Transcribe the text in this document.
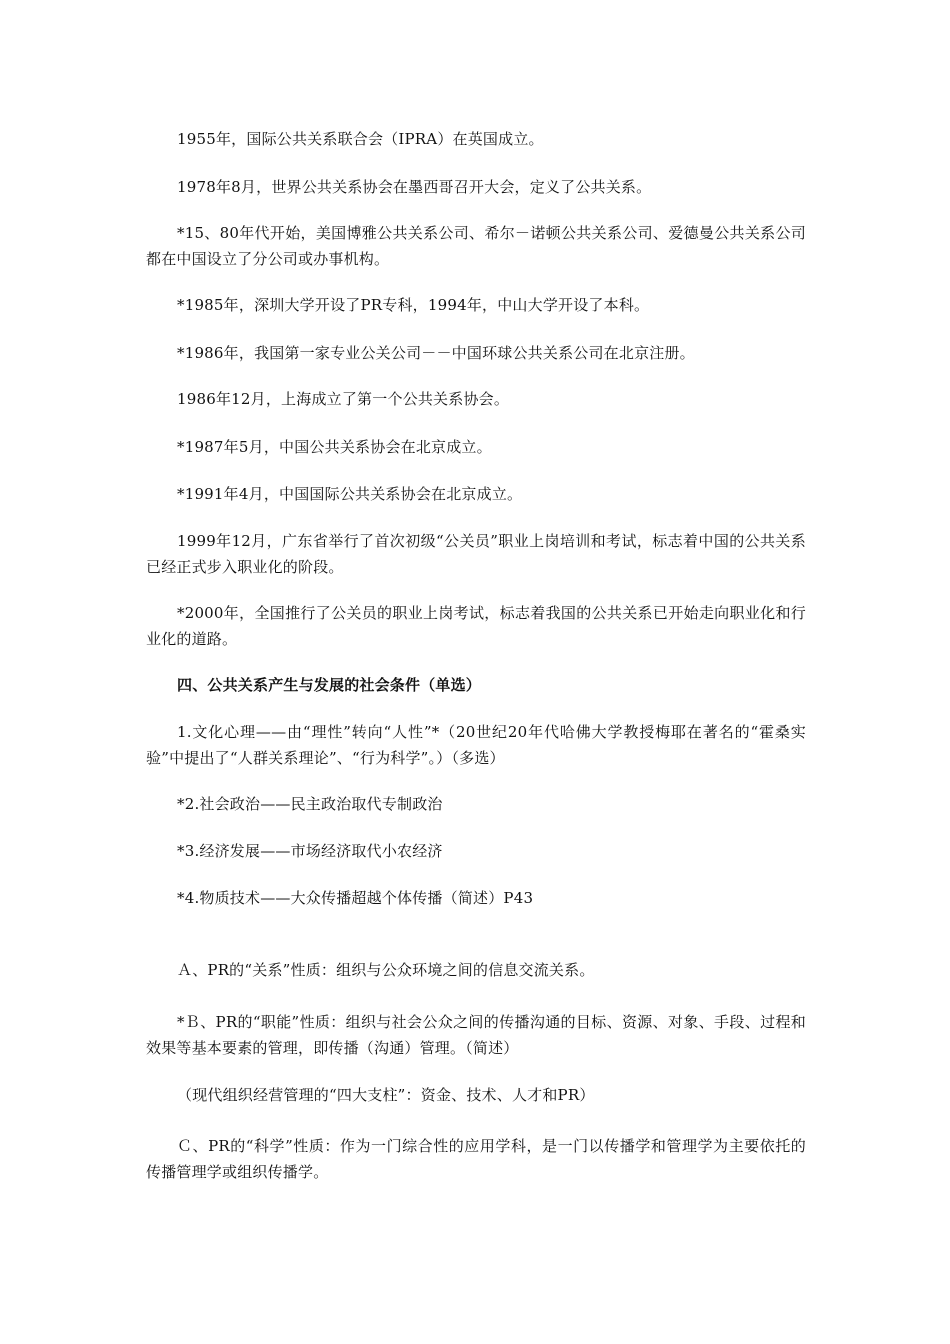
1955年，国际公共关系联合会（IPRA）在英国成立。

1978年8月，世界公共关系协会在墨西哥召开大会，定义了公共关系。

*15、80年代开始，美国博雅公共关系公司、希尔－诺顿公共关系公司、爱德曼公共关系公司都在中国设立了分公司或办事机构。

*1985年，深圳大学开设了PR专科，1994年，中山大学开设了本科。

*1986年，我国第一家专业公关公司－－中国环球公共关系公司在北京注册。

1986年12月，上海成立了第一个公共关系协会。

*1987年5月，中国公共关系协会在北京成立。

*1991年4月，中国国际公共关系协会在北京成立。

1999年12月，广东省举行了首次初级“公关员”职业上岗培训和考试，标志着中国的公共关系已经正式步入职业化的阶段。

*2000年，全国推行了公关员的职业上岗考试，标志着我国的公共关系已开始走向职业化和行业化的道路。

四、公共关系产生与发展的社会条件（单选）

1.文化心理——由“理性”转向“人性”*（20世纪20年代哈佛大学教授梅耶在著名的“霍桑实验”中提出了“人群关系理论”、“行为科学”。）（多选）

*2.社会政治——民主政治取代专制政治

*3.经济发展——市场经济取代小农经济

*4.物质技术——大众传播超越个体传播（简述）P43

Ａ、PR的“关系”性质：组织与公众环境之间的信息交流关系。

*Ｂ、PR的“职能”性质：组织与社会公众之间的传播沟通的目标、资源、对象、手段、过程和效果等基本要素的管理，即传播（沟通）管理。（简述）

（现代组织经营管理的“四大支柱”：资金、技术、人才和PR）

Ｃ、PR的“科学”性质：作为一门综合性的应用学科，是一门以传播学和管理学为主要依托的传播管理学或组织传播学。
